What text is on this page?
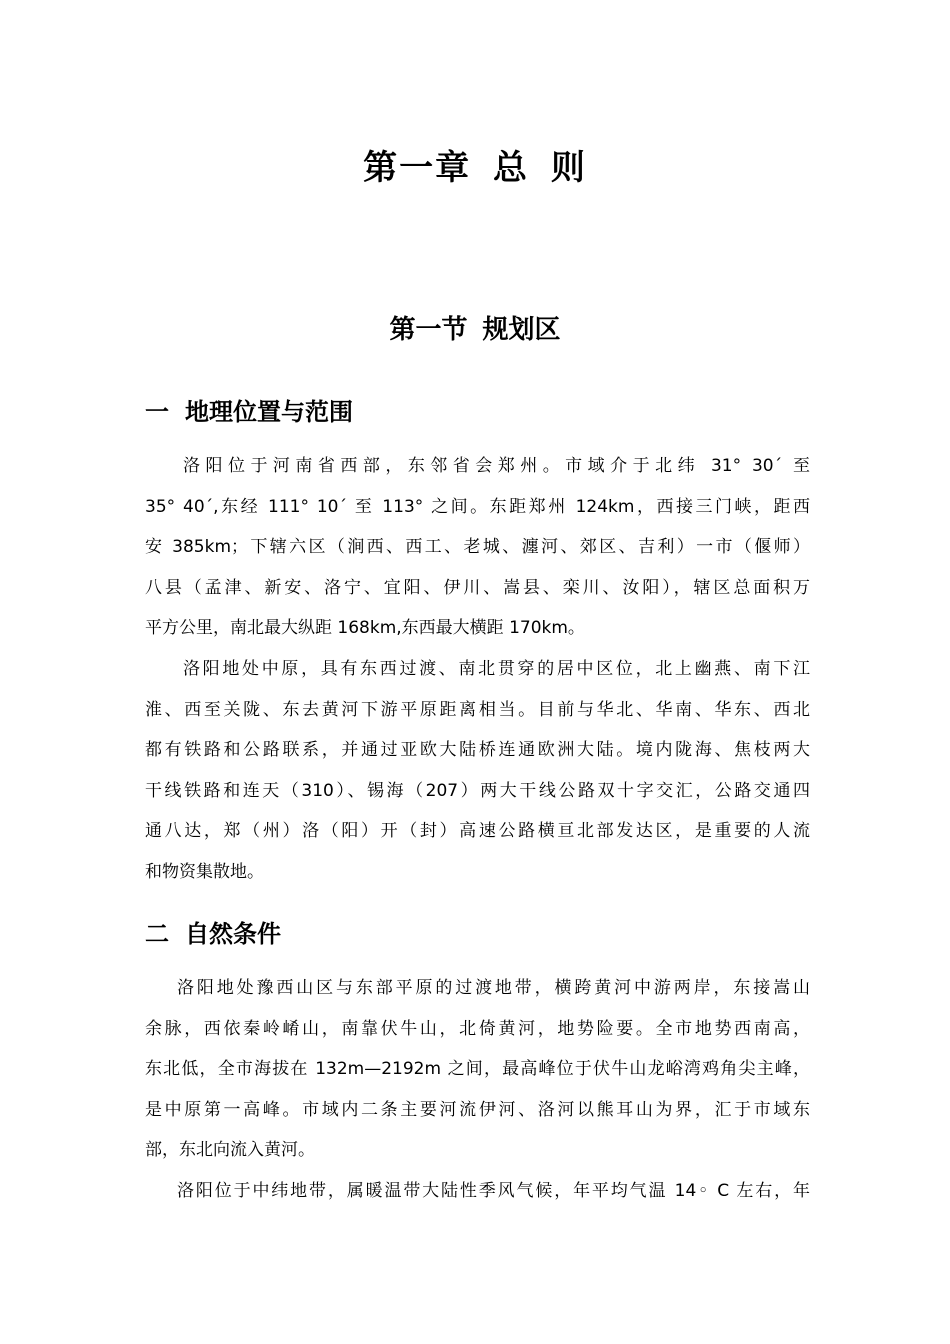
第一章 总 则
第一节 规划区
一 地理位置与范围
洛阳位于河南省西部，东邻省会郑州。市域介于北纬 31° 30´ 至
35° 40´,东经 111° 10´ 至 113° 之间。东距郑州 124km，西接三门峡，距西
安 385km；下辖六区（涧西、西工、老城、瀍河、郊区、吉利）一市（偃师）
八县（孟津、新安、洛宁、宜阳、伊川、嵩县、栾川、汝阳），辖区总面积万
平方公里，南北最大纵距 168km,东西最大横距 170km。
洛阳地处中原，具有东西过渡、南北贯穿的居中区位，北上幽燕、南下江
淮、西至关陇、东去黄河下游平原距离相当。目前与华北、华南、华东、西北
都有铁路和公路联系，并通过亚欧大陆桥连通欧洲大陆。境内陇海、焦枝两大
干线铁路和连天（310）、锡海（207）两大干线公路双十字交汇，公路交通四
通八达，郑（州）洛（阳）开（封）高速公路横亘北部发达区，是重要的人流
和物资集散地。
二 自然条件
洛阳地处豫西山区与东部平原的过渡地带，横跨黄河中游两岸，东接嵩山
余脉，西依秦岭崤山，南靠伏牛山，北倚黄河，地势险要。全市地势西南高，
东北低，全市海拔在 132m—2192m 之间，最高峰位于伏牛山龙峪湾鸡角尖主峰，
是中原第一高峰。市域内二条主要河流伊河、洛河以熊耳山为界，汇于市域东
部，东北向流入黄河。
洛阳位于中纬地带，属暖温带大陆性季风气候，年平均气温 14◦ C 左右，年
